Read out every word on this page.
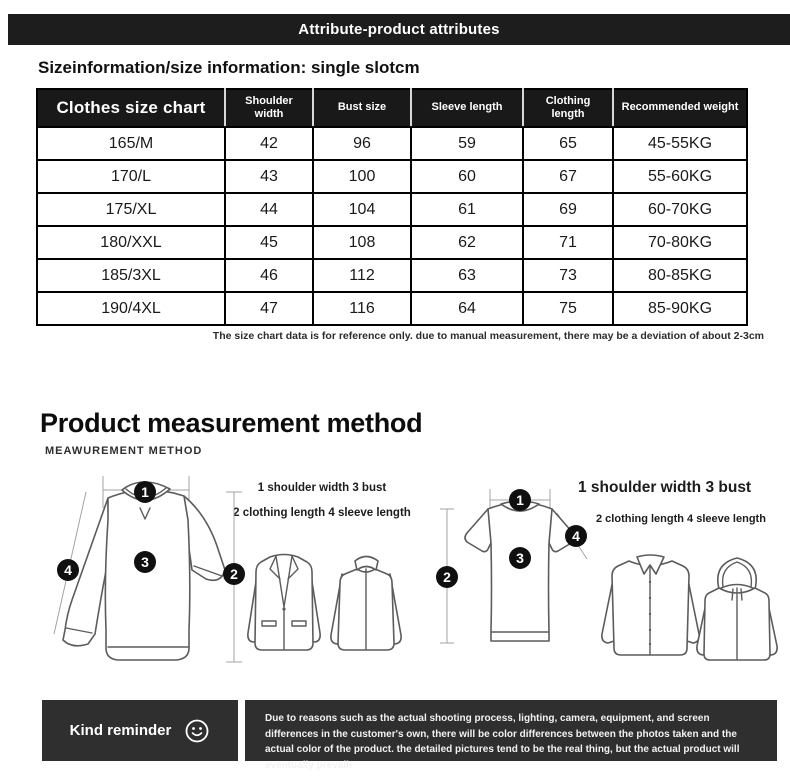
Attribute-product attributes
Sizeinformation/size information: single slotcm
Clothes size chart	Shoulder width	Bust size	Sleeve length	Clothing length	Recommended weight
165/M	42	96	59	65	45-55KG
170/L	43	100	60	67	55-60KG
175/XL	44	104	61	69	60-70KG
180/XXL	45	108	62	71	70-80KG
185/3XL	46	112	63	73	80-85KG
190/4XL	47	116	64	75	85-90KG
The size chart data is for reference only. due to manual measurement, there may be a deviation of about 2-3cm
Product measurement method
MEAWUREMENT METHOD
1 shoulder width 3 bust
2 clothing length 4 sleeve length
1 shoulder width 3 bust
2 clothing length 4 sleeve length
1
3
2
4
1
3
2
4
Kind reminder
Due to reasons such as the actual shooting process, lighting, camera, equipment, and screen differences in the customer's own, there will be color differences between the photos taken and the actual color of the product. the detailed pictures tend to be the real thing, but the actual product will eventually prevail!
